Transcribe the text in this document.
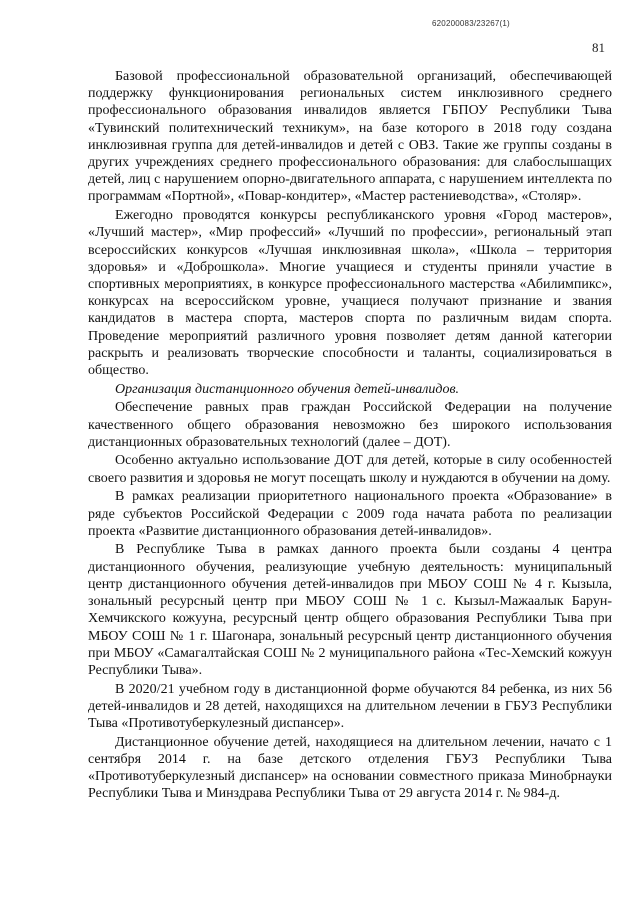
620200083/23267(1)
81

Базовой профессиональной образовательной организаций, обеспечивающей поддержку функционирования региональных систем инклюзивного среднего профессионального образования инвалидов является ГБПОУ Республики Тыва «Тувинский политехнический техникум», на базе которого в 2018 году создана инклюзивная группа для детей-инвалидов и детей с ОВЗ. Такие же группы созданы в других учреждениях среднего профессионального образования: для слабослышащих детей, лиц с нарушением опорно-двигательного аппарата, с нарушением интеллекта по программам «Портной», «Повар-кондитер», «Мастер растениеводства», «Столяр».

Ежегодно проводятся конкурсы республиканского уровня «Город мастеров», «Лучший мастер», «Мир профессий» «Лучший по профессии», региональный этап всероссийских конкурсов «Лучшая инклюзивная школа», «Школа – территория здоровья» и «Доброшкола». Многие учащиеся и студенты приняли участие в спортивных мероприятиях, в конкурсе профессионального мастерства «Абилимпикс», конкурсах на всероссийском уровне, учащиеся получают признание и звания кандидатов в мастера спорта, мастеров спорта по различным видам спорта. Проведение мероприятий различного уровня позволяет детям данной категории раскрыть и реализовать творческие способности и таланты, социализироваться в общество.

Организация дистанционного обучения детей-инвалидов.

Обеспечение равных прав граждан Российской Федерации на получение качественного общего образования невозможно без широкого использования дистанционных образовательных технологий (далее – ДОТ).

Особенно актуально использование ДОТ для детей, которые в силу особенностей своего развития и здоровья не могут посещать школу и нуждаются в обучении на дому.

В рамках реализации приоритетного национального проекта «Образование» в ряде субъектов Российской Федерации с 2009 года начата работа по реализации проекта «Развитие дистанционного образования детей-инвалидов».

В Республике Тыва в рамках данного проекта были созданы 4 центра дистанционного обучения, реализующие учебную деятельность: муниципальный центр дистанционного обучения детей-инвалидов при МБОУ СОШ № 4 г. Кызыла, зональный ресурсный центр при МБОУ СОШ № 1 с. Кызыл-Мажаалык Барун-Хемчикского кожууна, ресурсный центр общего образования Республики Тыва при МБОУ СОШ № 1 г. Шагонара, зональный ресурсный центр дистанционного обучения при МБОУ «Самагалтайская СОШ № 2 муниципального района «Тес-Хемский кожуун Республики Тыва».

В 2020/21 учебном году в дистанционной форме обучаются 84 ребенка, из них 56 детей-инвалидов и 28 детей, находящихся на длительном лечении в ГБУЗ Республики Тыва «Противотуберкулезный диспансер».

Дистанционное обучение детей, находящиеся на длительном лечении, начато с 1 сентября 2014 г. на базе детского отделения ГБУЗ Республики Тыва «Противотуберкулезный диспансер» на основании совместного приказа Минобрнауки Республики Тыва и Минздрава Республики Тыва от 29 августа 2014 г. № 984-д.
